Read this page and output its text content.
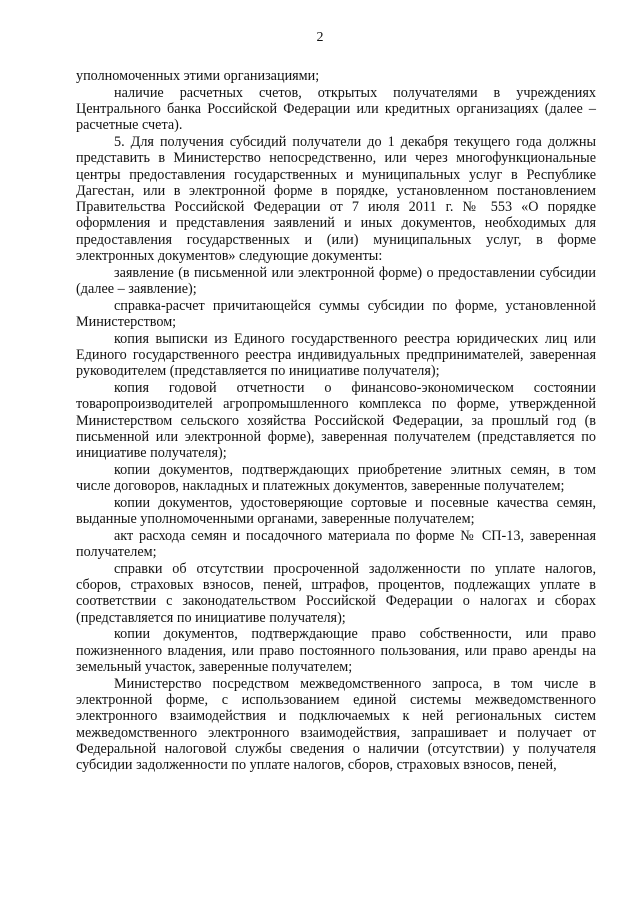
2

уполномоченных этими организациями;

наличие расчетных счетов, открытых получателями в учреждениях Центрального банка Российской Федерации или кредитных организациях (далее – расчетные счета).

5. Для получения субсидий получатели до 1 декабря текущего года должны представить в Министерство непосредственно, или через многофункциональные центры предоставления государственных и муниципальных услуг в Республике Дагестан, или в электронной форме в порядке, установленном постановлением Правительства Российской Федерации от 7 июля 2011 г. № 553 «О порядке оформления и представления заявлений и иных документов, необходимых для предоставления государственных и (или) муниципальных услуг, в форме электронных документов» следующие документы:

заявление (в письменной или электронной форме) о предоставлении субсидии (далее – заявление);

справка-расчет причитающейся суммы субсидии по форме, установленной Министерством;

копия выписки из Единого государственного реестра юридических лиц или Единого государственного реестра индивидуальных предпринимателей, заверенная руководителем (представляется по инициативе получателя);

копия годовой отчетности о финансово-экономическом состоянии товаропроизводителей агропромышленного комплекса по форме, утвержденной Министерством сельского хозяйства Российской Федерации, за прошлый год (в письменной или электронной форме), заверенная получателем (представляется по инициативе получателя);

копии документов, подтверждающих приобретение элитных семян, в том числе договоров, накладных и платежных документов, заверенные получателем;

копии документов, удостоверяющие сортовые и посевные качества семян, выданные уполномоченными органами, заверенные получателем;

акт расхода семян и посадочного материала по форме № СП-13, заверенная получателем;

справки об отсутствии просроченной задолженности по уплате налогов, сборов, страховых взносов, пеней, штрафов, процентов, подлежащих уплате в соответствии с законодательством Российской Федерации о налогах и сборах (представляется по инициативе получателя);

копии документов, подтверждающие право собственности, или право пожизненного владения, или право постоянного пользования, или право аренды на земельный участок, заверенные получателем;

Министерство посредством межведомственного запроса, в том числе в электронной форме, с использованием единой системы межведомственного электронного взаимодействия и подключаемых к ней региональных систем межведомственного электронного взаимодействия, запрашивает и получает от Федеральной налоговой службы сведения о наличии (отсутствии) у получателя субсидии задолженности по уплате налогов, сборов, страховых взносов, пеней,
